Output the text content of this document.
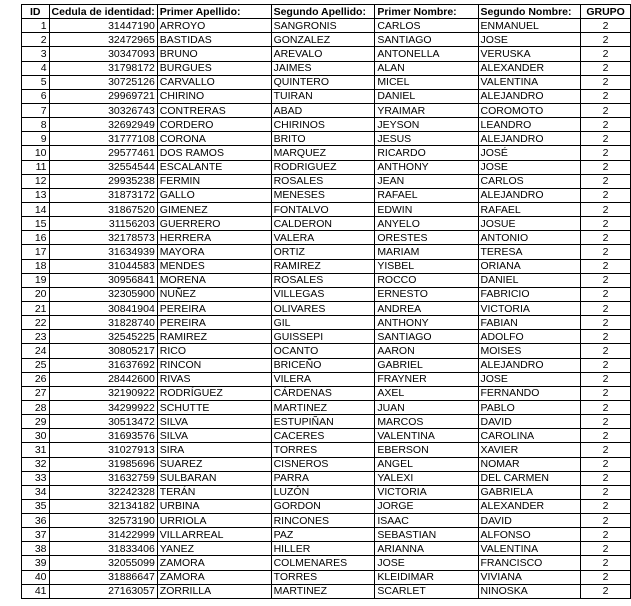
ID	Cedula de identidad:	Primer Apellido:	Segundo Apellido:	Primer Nombre:	Segundo Nombre:	GRUPO
1	31447190	ARROYO	SANGRONIS	CARLOS	ENMANUEL	2
2	32472965	BASTIDAS	GONZALEZ	SANTIAGO	JOSE	2
3	30347093	BRUNO	AREVALO	ANTONELLA	VERUSKA	2
4	31798172	BURGUES	JAIMES	ALAN	ALEXANDER	2
5	30725126	CARVALLO	QUINTERO	MICEL	VALENTINA	2
6	29969721	CHIRINO	TUIRAN	DANIEL	ALEJANDRO	2
7	30326743	CONTRERAS	ABAD	YRAIMAR	COROMOTO	2
8	32692949	CORDERO	CHIRINOS	JEYSON	LEANDRO	2
9	31777108	CORONA	BRITO	JESUS	ALEJANDRO	2
10	29577461	DOS RAMOS	MARQUEZ	RICARDO	JOSÉ	2
11	32554544	ESCALANTE	RODRIGUEZ	ANTHONY	JOSE	2
12	29935238	FERMIN	ROSALES	JEAN	CARLOS	2
13	31873172	GALLO	MENESES	RAFAEL	ALEJANDRO	2
14	31867520	GIMENEZ	FONTALVO	EDWIN	RAFAEL	2
15	31156203	GUERRERO	CALDERON	ANYELO	JOSUE	2
16	32178573	HERRERA	VALERA	ORESTES	ANTONIO	2
17	31634939	MAYORA	ORTIZ	MARIAM	TERESA	2
18	31044583	MENDES	RAMIREZ	YISBEL	ORIANA	2
19	30956841	MORENA	ROSALES	ROCCO	DANIEL	2
20	32305900	NUÑEZ	VILLEGAS	ERNESTO	FABRICIO	2
21	30841904	PEREIRA	OLIVARES	ANDREA	VICTORIA	2
22	31828740	PEREIRA	GIL	ANTHONY	FABIAN	2
23	32545225	RAMIREZ	GUISSEPI	SANTIAGO	ADOLFO	2
24	30805217	RICO	OCANTO	AARON	MOISES	2
25	31637692	RINCON	BRICEÑO	GABRIEL	ALEJANDRO	2
26	28442600	RIVAS	VILERA	FRAYNER	JOSE	2
27	32190922	RODRÍGUEZ	CÁRDENAS	AXEL	FERNANDO	2
28	34299922	SCHUTTE	MARTINEZ	JUAN	PABLO	2
29	30513472	SILVA	ESTUPIÑAN	MARCOS	DAVID	2
30	31693576	SILVA	CACERES	VALENTINA	CAROLINA	2
31	31027913	SIRA	TORRES	EBERSON	XAVIER	2
32	31985696	SUAREZ	CISNEROS	ANGEL	NOMAR	2
33	31632759	SULBARAN	PARRA	YALEXI	DEL CARMEN	2
34	32242328	TERÁN	LUZÓN	VICTORIA	GABRIELA	2
35	32134182	URBINA	GORDON	JORGE	ALEXANDER	2
36	32573190	URRIOLA	RINCONES	ISAAC	DAVID	2
37	31422999	VILLARREAL	PAZ	SEBASTIAN	ALFONSO	2
38	31833406	YANEZ	HILLER	ARIANNA	VALENTINA	2
39	32055099	ZAMORA	COLMENARES	JOSE	FRANCISCO	2
40	31886647	ZAMORA	TORRES	KLEIDIMAR	VIVIANA	2
41	27163057	ZORRILLA	MARTINEZ	SCARLET	NINOSKA	2
